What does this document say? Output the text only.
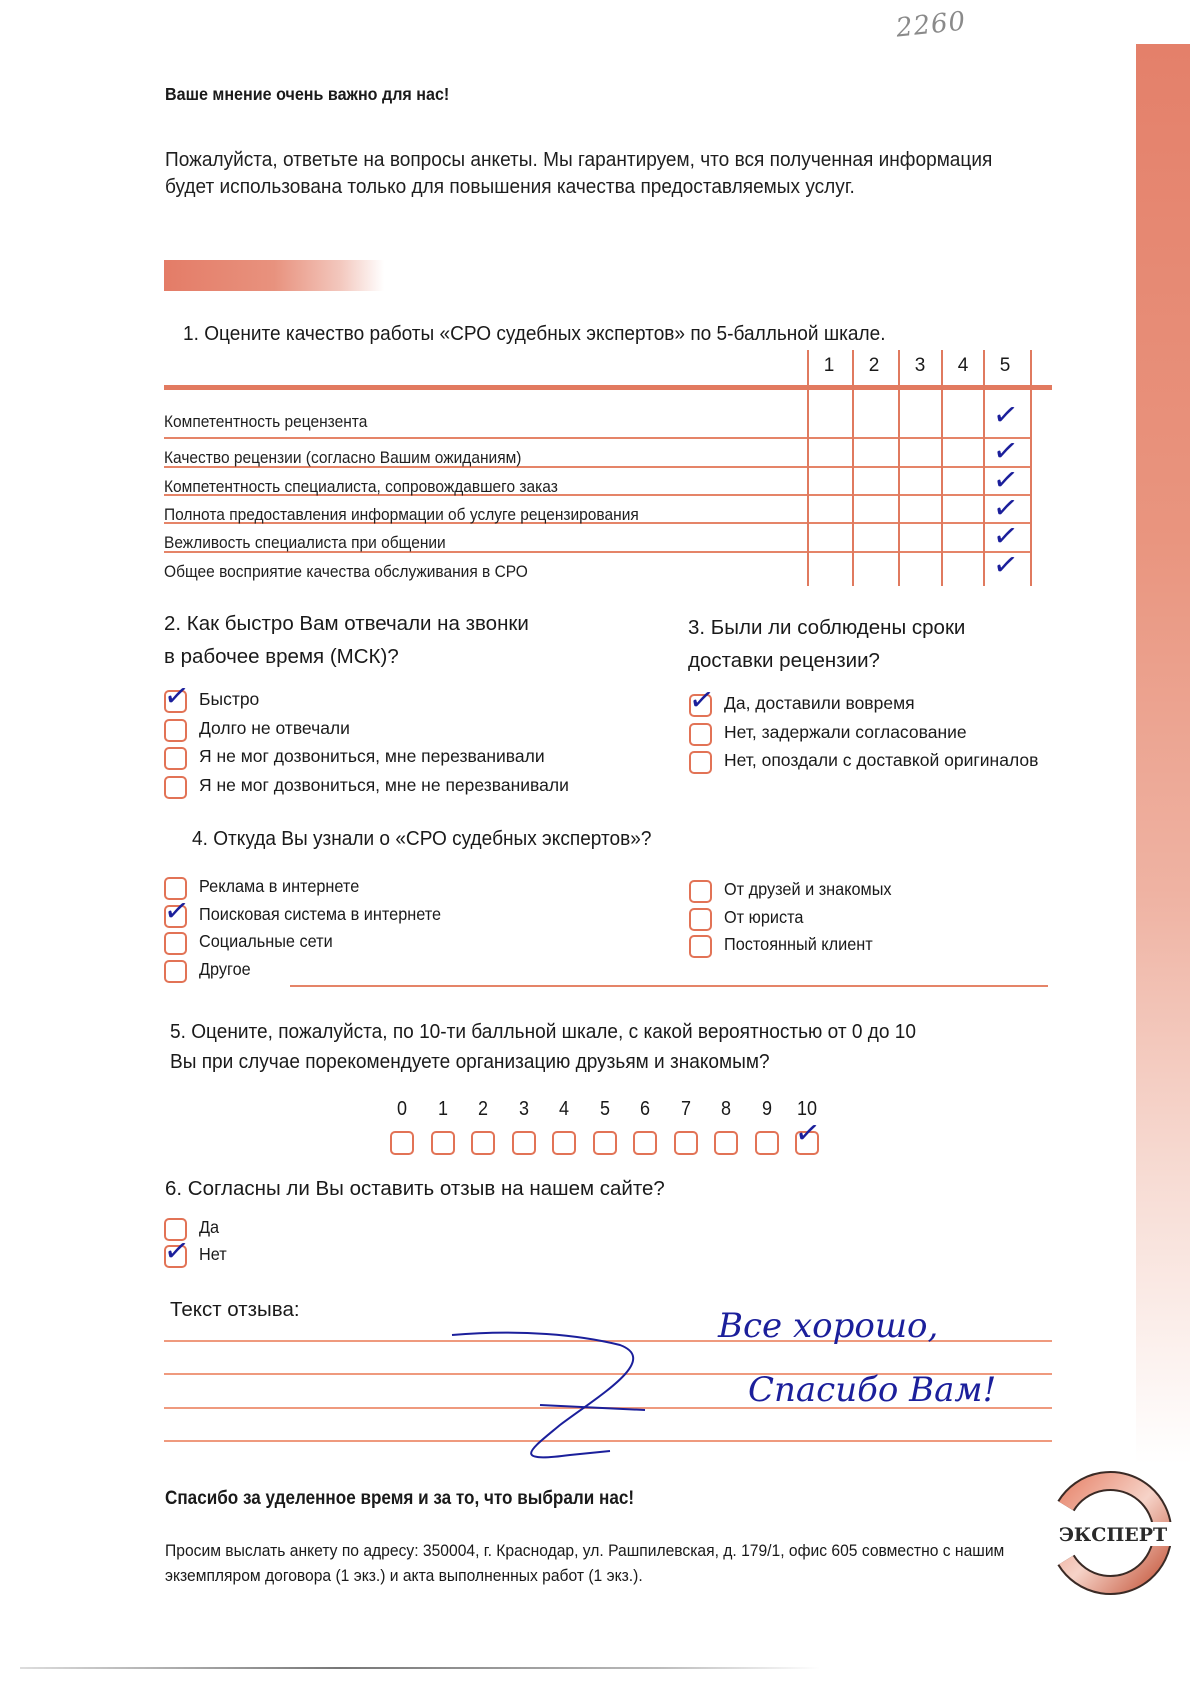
2260
Ваше мнение очень важно для нас!
Пожалуйста, ответьте на вопросы анкеты. Мы гарантируем, что вся полученная информация будет использована только для повышения качества предоставляемых услуг.
1. Оцените качество работы «СРО судебных экспертов» по 5-балльной шкале.
1	2	3	4	5
Компетентность рецензента	✓
Качество рецензии (согласно Вашим ожиданиям)	✓
Компетентность специалиста, сопровождавшего заказ	✓
Полнота предоставления информации об услуге рецензирования	✓
Вежливость специалиста при общении	✓
Общее восприятие качества обслуживания в СРО	✓
2. Как быстро Вам отвечали на звонки
в рабочее время (МСК)?
✓ Быстро
Долго не отвечали
Я не мог дозвониться, мне перезванивали
Я не мог дозвониться, мне не перезванивали
3. Были ли соблюдены сроки
доставки рецензии?
✓ Да, доставили вовремя
Нет, задержали согласование
Нет, опоздали с доставкой оригиналов
4. Откуда Вы узнали о «СРО судебных экспертов»?
Реклама в интернете
✓ Поисковая система в интернете
Социальные сети
Другое
От друзей и знакомых
От юриста
Постоянный клиент
5. Оцените, пожалуйста, по 10-ти балльной шкале, с какой вероятностью от 0 до 10
Вы при случае порекомендуете организацию друзьям и знакомым?
0	1	2	3	4	5	6	7	8	9	10
✓
6. Согласны ли Вы оставить отзыв на нашем сайте?
Да
✓ Нет
Текст отзыва:	Все хорошо,
Спасибо Вам!
Спасибо за уделенное время и за то, что выбрали нас!
Просим выслать анкету по адресу: 350004, г. Краснодар, ул. Рашпилевская, д. 179/1, офис 605 совместно с нашим экземпляром договора (1 экз.) и акта выполненных работ (1 экз.).
ЭКСПЕРТ
